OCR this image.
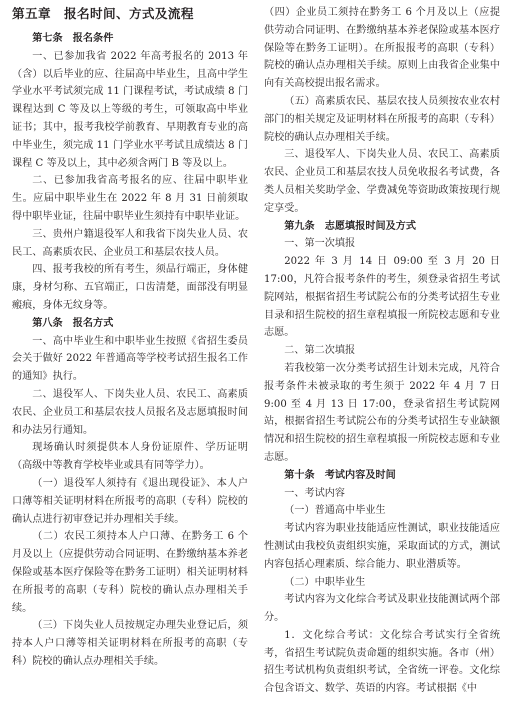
第五章　报名时间、方式及流程
第七条　报名条件
一、已参加我省 2022 年高考报名的 2013 年（含）以后毕业的应、往届高中毕业生，且高中学生学业水平考试须完成 11 门课程考试，考试成绩 8 门课程达到 C 等及以上等级的考生，可领取高中毕业证书；其中，报考我校学前教育、早期教育专业的高中毕业生，须完成 11 门学业水平考试且成绩达 8 门课程 C 等及以上，其中必须含两门 B 等及以上。
二、已参加我省高考报名的应、往届中职毕业生。应届中职毕业生在 2022 年 8 月 31 日前须取得中职毕业证，往届中职毕业生须持有中职毕业证。
三、贵州户籍退役军人和我省下岗失业人员、农民工、高素质农民、企业员工和基层农技人员。
四、报考我校的所有考生，须品行端正，身体健康，身材匀称、五官端正，口齿清楚，面部没有明显瘢痕，身体无纹身等。
第八条　报名方式
一、高中毕业生和中职毕业生按照《省招生委员会关于做好 2022 年普通高等学校考试招生报名工作的通知》执行。
二、退役军人、下岗失业人员、农民工、高素质农民、企业员工和基层农技人员报名及志愿填报时间和办法另行通知。
现场确认时须提供本人身份证原件、学历证明（高级中等教育学校毕业或具有同等学力）。
（一）退役军人须持有《退出现役证》、本人户口薄等相关证明材料在所报考的高职（专科）院校的确认点进行初审登记并办理相关手续。
（二）农民工须持本人户口薄、在黔务工 6 个月及以上（应提供劳动合同证明、在黔缴纳基本养老保险或基本医疗保险等在黔务工证明）相关证明材料在所报考的高职（专科）院校的确认点办理相关手续。
（三）下岗失业人员按规定办理失业登记后，须持本人户口薄等相关证明材料在所报考的高职（专科）院校的确认点办理相关手续。
（四）企业员工须持在黔务工 6 个月及以上（应提供劳动合同证明、在黔缴纳基本养老保险或基本医疗保险等在黔务工证明）。在所报报考的高职（专科）院校的确认点办理相关手续。原则上由我省企业集中向有关高校提出报名需求。
（五）高素质农民、基层农技人员须按农业农村部门的相关规定及证明材料在所报考的高职（专科）院校的确认点办理相关手续。
三、退役军人、下岗失业人员、农民工、高素质农民、企业员工和基层农技人员免收报名考试费，各类人员相关奖助学金、学费减免等资助政策按现行规定享受。
第九条　志愿填报时间及方式
一、第一次填报
2022 年 3 月 14 日 09:00 至 3 月 20 日 17:00，凡符合报考条件的考生，须登录省招生考试院网站，根据省招生考试院公布的分类考试招生专业目录和招生院校的招生章程填报一所院校志愿和专业志愿。
二、第二次填报
若我校第一次分类考试招生计划未完成，凡符合报考条件未被录取的考生须于 2022 年 4 月 7 日 9:00 至 4 月 13 日 17:00，登录省招生考试院网站，根据省招生考试院公布的分类考试招生专业缺额情况和招生院校的招生章程填报一所院校志愿和专业志愿。
第十条　考试内容及时间
一、考试内容
（一）普通高中毕业生
考试内容为职业技能适应性测试，职业技能适应性测试由我校负责组织实施，采取面试的方式，测试内容包括心理素质、综合能力、职业潜质等。
（二）中职毕业生
考试内容为文化综合考试及职业技能测试两个部分。
1．文化综合考试：文化综合考试实行全省统考，省招生考试院负责命题的组织实施。各市（州）招生考试机构负责组织考试，全省统一评卷。文化综合包含语文、数学、英语的内容。考试根据《中
